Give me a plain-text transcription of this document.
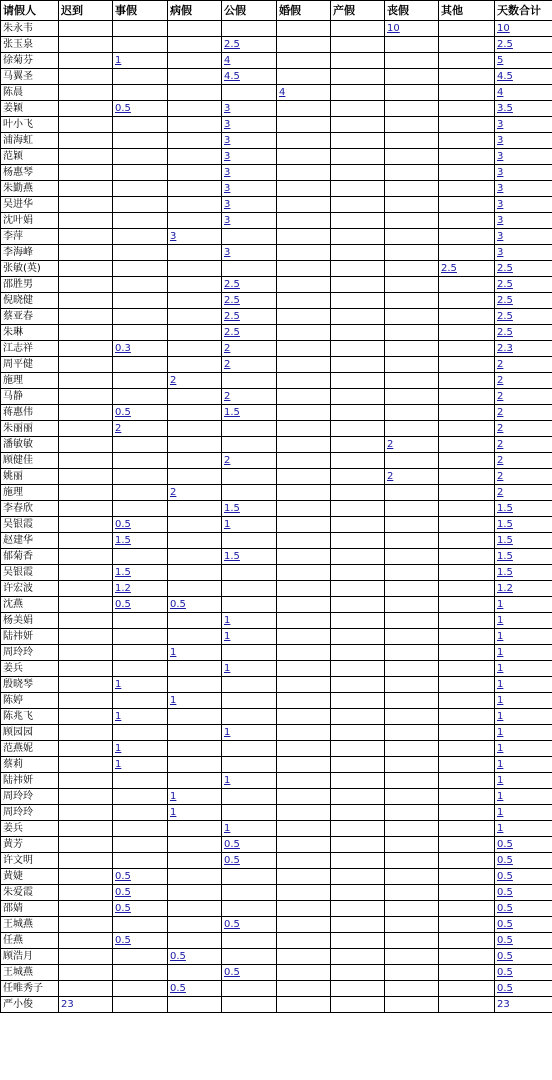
请假人	迟到	事假	病假	公假	婚假	产假	丧假	其他	天数合计
朱永韦							10		10
张玉泉				2.5					2.5
徐菊芬		1		4					5
马翼圣				4.5					4.5
陈晨					4				4
姜颖		0.5		3					3.5
叶小飞				3					3
浦海虹				3					3
范颖				3					3
杨惠琴				3					3
朱勤燕				3					3
吴进华				3					3
沈叶娟				3					3
李萍			3						3
李海峰				3					3
张敏(英)								2.5	2.5
邵胜男				2.5					2.5
倪晓健				2.5					2.5
蔡亚春				2.5					2.5
朱琳				2.5					2.5
江志祥		0.3		2					2.3
周平健				2					2
施理			2						2
马静				2					2
蒋惠伟		0.5		1.5					2
朱丽丽		2							2
潘敏敏							2		2
顾健佳				2					2
姚丽							2		2
施理			2						2
李春欣				1.5					1.5
吴银霞		0.5		1					1.5
赵建华		1.5							1.5
郁菊香				1.5					1.5
吴银霞		1.5							1.5
许宏波		1.2							1.2
沈燕		0.5	0.5						1
杨美娟				1					1
陆祎妍				1					1
周玲玲			1						1
姜兵				1					1
殷晓琴		1							1
陈婷			1						1
陈兆飞		1							1
顾园园				1					1
范燕妮		1							1
蔡莉		1							1
陆祎妍				1					1
周玲玲			1						1
周玲玲			1						1
姜兵				1					1
黄芳				0.5					0.5
许文明				0.5					0.5
黄婕		0.5							0.5
朱爱霞		0.5							0.5
邵婧		0.5							0.5
王城燕				0.5					0.5
任燕		0.5							0.5
顾浩月			0.5						0.5
王城燕				0.5					0.5
任唯秀子			0.5						0.5
严小俊	23								23
